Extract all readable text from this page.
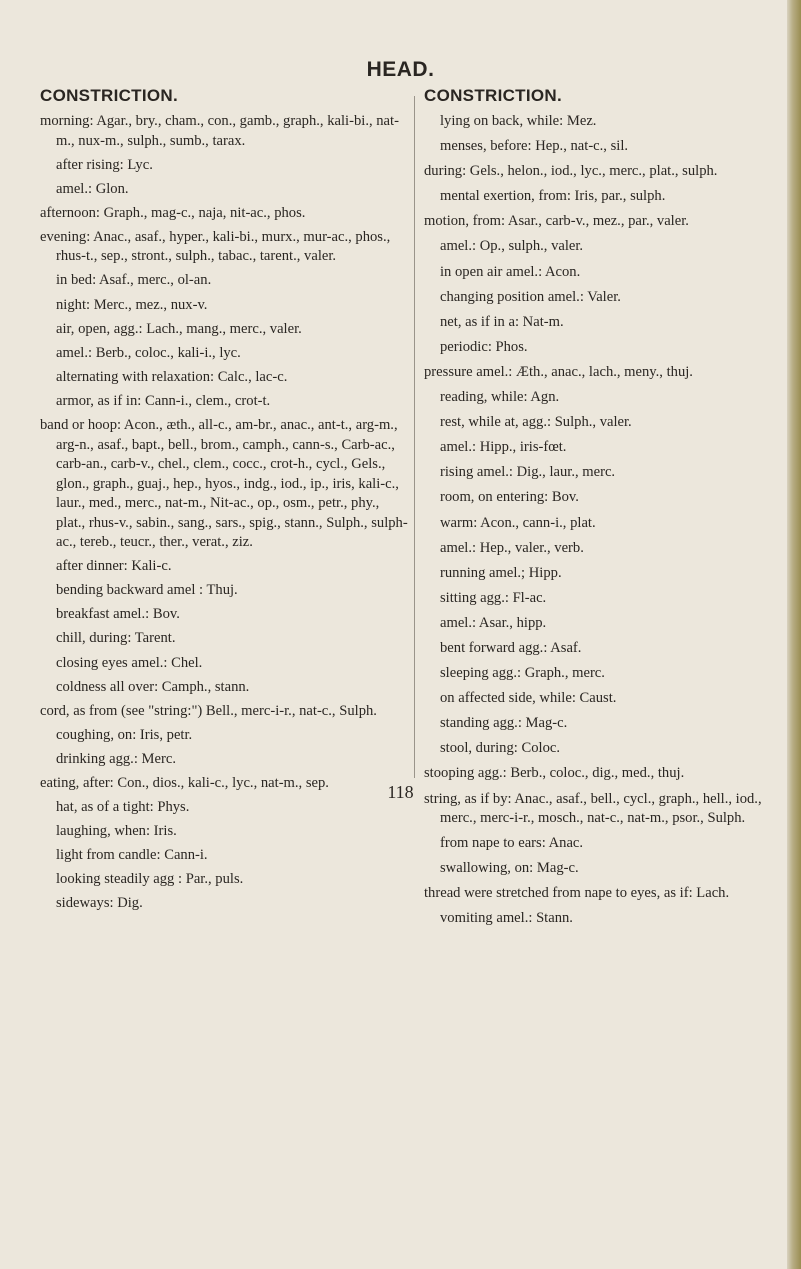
HEAD.
CONSTRICTION.
morning: Agar., bry., cham., con., gamb., graph., kali-bi., nat-m., nux-m., sulph., sumb., tarax.
after rising: Lyc.
amel.: Glon.
afternoon: Graph., mag-c., naja, nit-ac., phos.
evening: Anac., asaf., hyper., kali-bi., murx., mur-ac., phos., rhus-t., sep., stront., sulph., tabac., tarent., valer.
in bed: Asaf., merc., ol-an.
night: Merc., mez., nux-v.
air, open, agg.: Lach., mang., merc., valer.
amel.: Berb., coloc., kali-i., lyc.
alternating with relaxation: Calc., lac-c.
armor, as if in: Cann-i., clem., crot-t.
band or hoop: Acon., æth., all-c., am-br., anac., ant-t., arg-m., arg-n., asaf., bapt., bell., brom., camph., cann-s., Carb-ac., carb-an., carb-v., chel., clem., cocc., crot-h., cycl., Gels., glon., graph., guaj., hep., hyos., indg., iod., ip., iris, kali-c., laur., med., merc., nat-m., Nit-ac., op., osm., petr., phy., plat., rhus-v., sabin., sang., sars., spig., stann., Sulph., sulph-ac., tereb., teucr., ther., verat., ziz.
after dinner: Kali-c.
bending backward amel : Thuj.
breakfast amel.: Bov.
chill, during: Tarent.
closing eyes amel.: Chel.
coldness all over: Camph., stann.
cord, as from (see "string:") Bell., merc-i-r., nat-c., Sulph.
coughing, on: Iris, petr.
drinking agg.: Merc.
eating, after: Con., dios., kali-c., lyc., nat-m., sep.
hat, as of a tight: Phys.
laughing, when: Iris.
light from candle: Cann-i.
looking steadily agg : Par., puls.
sideways: Dig.
CONSTRICTION.
lying on back, while: Mez.
menses, before: Hep., nat-c., sil.
during: Gels., helon., iod., lyc., merc., plat., sulph.
mental exertion, from: Iris, par., sulph.
motion, from: Asar., carb-v., mez., par., valer.
amel.: Op., sulph., valer.
in open air amel.: Acon.
changing position amel.: Valer.
net, as if in a: Nat-m.
periodic: Phos.
pressure amel.: Æth., anac., lach., meny., thuj.
reading, while: Agn.
rest, while at, agg.: Sulph., valer.
amel.: Hipp., iris-fœt.
rising amel.: Dig., laur., merc.
room, on entering: Bov.
warm: Acon., cann-i., plat.
amel.: Hep., valer., verb.
running amel.; Hipp.
sitting agg.: Fl-ac.
amel.: Asar., hipp.
bent forward agg.: Asaf.
sleeping agg.: Graph., merc.
on affected side, while: Caust.
standing agg.: Mag-c.
stool, during: Coloc.
stooping agg.: Berb., coloc., dig., med., thuj.
string, as if by: Anac., asaf., bell., cycl., graph., hell., iod., merc., merc-i-r., mosch., nat-c., nat-m., psor., Sulph.
from nape to ears: Anac.
swallowing, on: Mag-c.
thread were stretched from nape to eyes, as if: Lach.
vomiting amel.: Stann.
118
